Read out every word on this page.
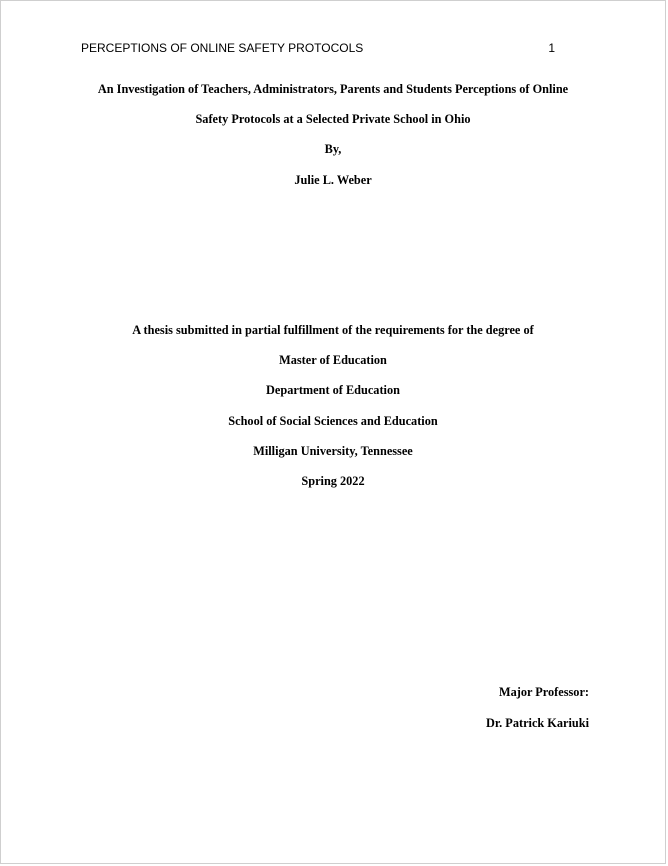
PERCEPTIONS OF ONLINE SAFETY PROTOCOLS	1
An Investigation of Teachers, Administrators, Parents and Students Perceptions of Online
Safety Protocols at a Selected Private School in Ohio
By,
Julie L. Weber
A thesis submitted in partial fulfillment of the requirements for the degree of
Master of Education
Department of Education
School of Social Sciences and Education
Milligan University, Tennessee
Spring 2022
Major Professor:
Dr. Patrick Kariuki
